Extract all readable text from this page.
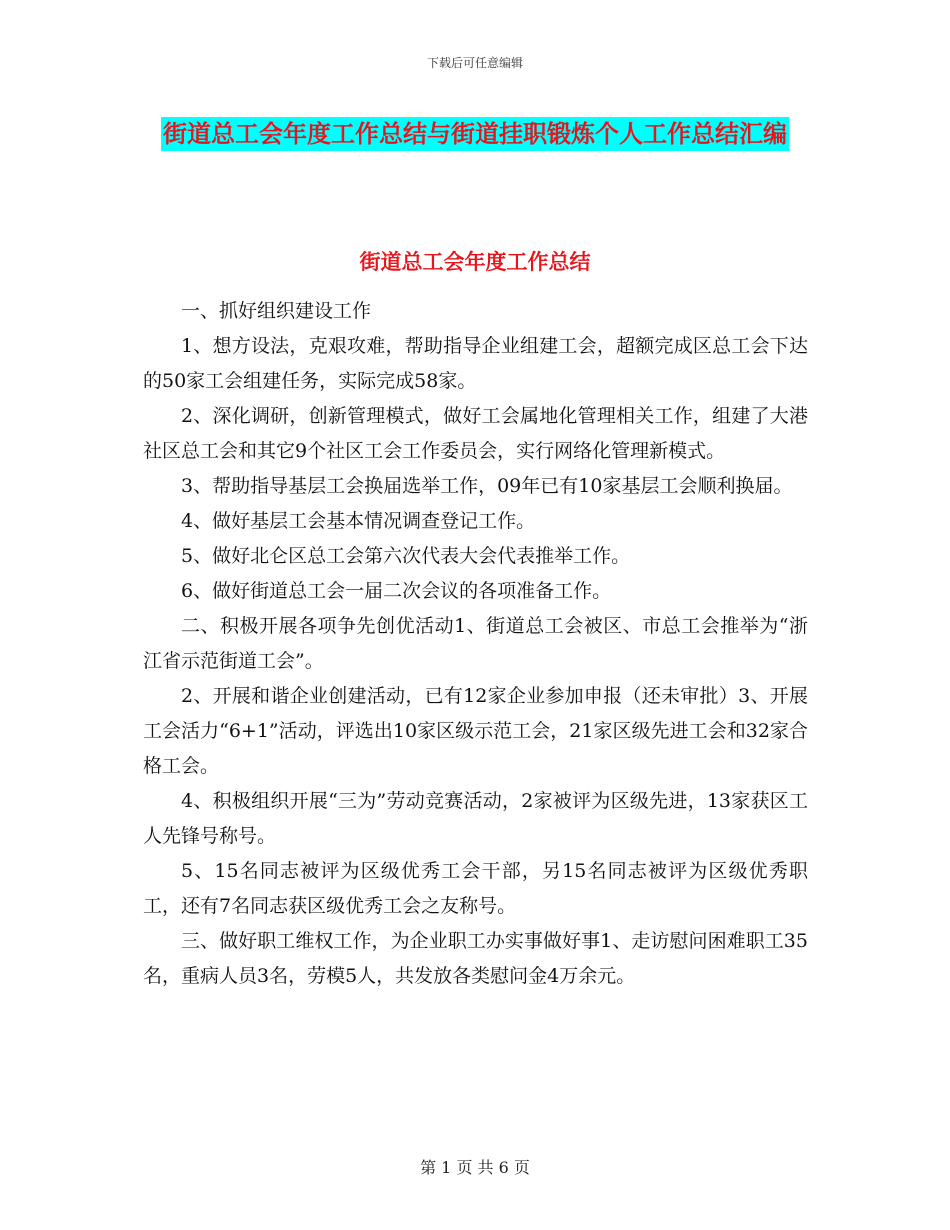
下载后可任意编辑
街道总工会年度工作总结与街道挂职锻炼个人工作总结汇编
街道总工会年度工作总结

一、抓好组织建设工作

1、想方设法，克艰攻难，帮助指导企业组建工会，超额完成区总工会下达的50家工会组建任务，实际完成58家。

2、深化调研，创新管理模式，做好工会属地化管理相关工作，组建了大港社区总工会和其它9个社区工会工作委员会，实行网络化管理新模式。

3、帮助指导基层工会换届选举工作，09年已有10家基层工会顺利换届。

4、做好基层工会基本情况调查登记工作。

5、做好北仑区总工会第六次代表大会代表推举工作。

6、做好街道总工会一届二次会议的各项准备工作。

二、积极开展各项争先创优活动1、街道总工会被区、市总工会推举为“浙江省示范街道工会”。

2、开展和谐企业创建活动，已有12家企业参加申报（还未审批）3、开展工会活力“6+1”活动，评选出10家区级示范工会，21家区级先进工会和32家合格工会。

4、积极组织开展“三为”劳动竞赛活动，2家被评为区级先进，13家获区工人先锋号称号。

5、15名同志被评为区级优秀工会干部，另15名同志被评为区级优秀职工，还有7名同志获区级优秀工会之友称号。

三、做好职工维权工作，为企业职工办实事做好事1、走访慰问困难职工35名，重病人员3名，劳模5人，共发放各类慰问金4万余元。

第 1 页 共 6 页
